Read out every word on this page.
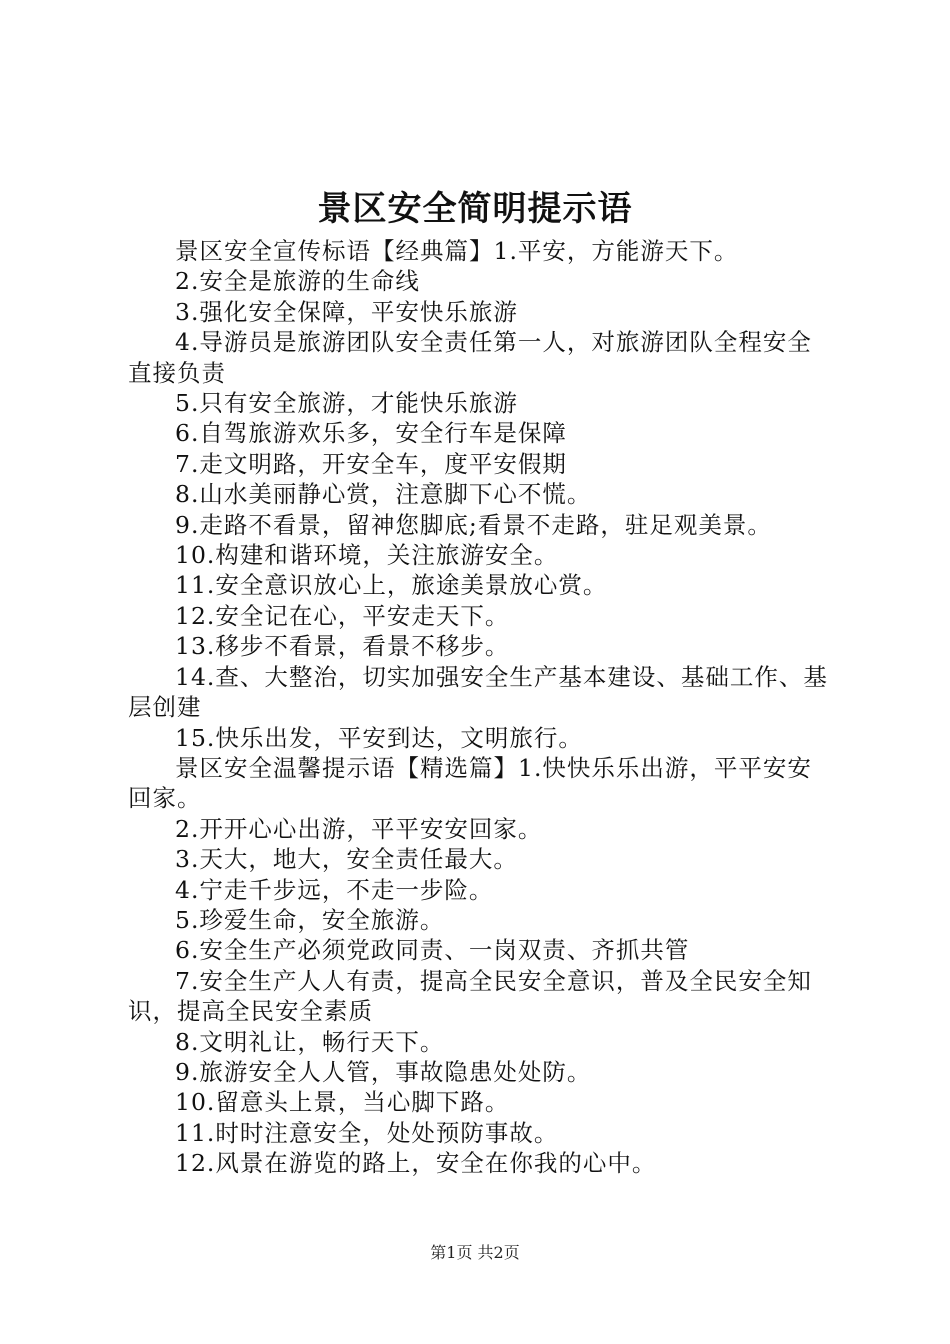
景区安全简明提示语

景区安全宣传标语【经典篇】1.平安，方能游天下。

2.安全是旅游的生命线

3.强化安全保障，平安快乐旅游

4.导游员是旅游团队安全责任第一人，对旅游团队全程安全直接负责

5.只有安全旅游，才能快乐旅游

6.自驾旅游欢乐多，安全行车是保障

7.走文明路，开安全车，度平安假期

8.山水美丽静心赏，注意脚下心不慌。

9.走路不看景，留神您脚底;看景不走路，驻足观美景。

10.构建和谐环境，关注旅游安全。

11.安全意识放心上，旅途美景放心赏。

12.安全记在心，平安走天下。

13.移步不看景，看景不移步。

14.查、大整治，切实加强安全生产基本建设、基础工作、基层创建

15.快乐出发，平安到达，文明旅行。

景区安全温馨提示语【精选篇】1.快快乐乐出游，平平安安回家。

2.开开心心出游，平平安安回家。

3.天大，地大，安全责任最大。

4.宁走千步远，不走一步险。

5.珍爱生命，安全旅游。

6.安全生产必须党政同责、一岗双责、齐抓共管

7.安全生产人人有责，提高全民安全意识，普及全民安全知识，提高全民安全素质

8.文明礼让，畅行天下。

9.旅游安全人人管，事故隐患处处防。

10.留意头上景，当心脚下路。

11.时时注意安全，处处预防事故。

12.风景在游览的路上，安全在你我的心中。

第1页 共2页
